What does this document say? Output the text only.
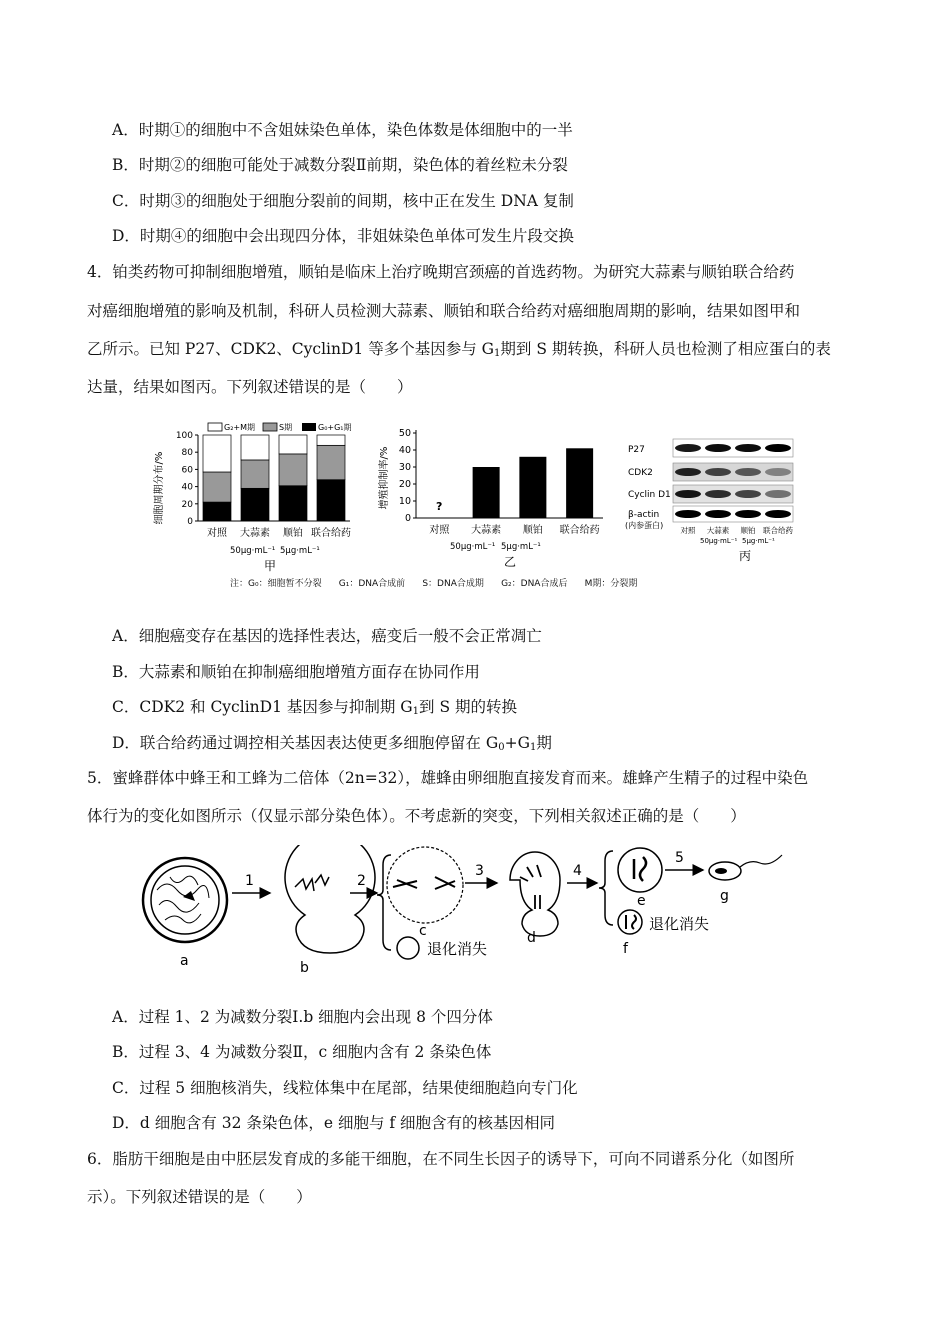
A．时期①的细胞中不含姐妹染色单体，染色体数是体细胞中的一半
B．时期②的细胞可能处于减数分裂Ⅱ前期，染色体的着丝粒未分裂
C．时期③的细胞处于细胞分裂前的间期，核中正在发生 DNA 复制
D．时期④的细胞中会出现四分体，非姐妹染色单体可发生片段交换
4．铂类药物可抑制细胞增殖，顺铂是临床上治疗晚期宫颈癌的首选药物。为研究大蒜素与顺铂联合给药
对癌细胞增殖的影响及机制，科研人员检测大蒜素、顺铂和联合给药对癌细胞周期的影响，结果如图甲和
乙所示。已知 P27、CDK2、CyclinD1 等多个基因参与 $G_1$期到 S 期转换，科研人员也检测了相应蛋白的表
达量，结果如图丙。下列叙述错误的是（　　）
G₂+M期	S期	G₀+G₁期
细胞周期分布/%
100
80
60
40
20
0
对照 大蒜素 顺铂 联合给药
50μg·mL⁻¹ 5μg·mL⁻¹
甲
增殖抑制率/%
50
40
30
20
10
0
?
对照 大蒜素 顺铂 联合给药
50μg·mL⁻¹ 5μg·mL⁻¹
乙
P27
CDK2
Cyclin D1
β-actin
(内参蛋白)
对照 大蒜素 顺铂 联合给药
50μg·mL⁻¹ 5μg·mL⁻¹
丙
注：G₀：细胞暂不分裂 G₁：DNA合成前 S：DNA合成期 G₂：DNA合成后 M期：分裂期
A．细胞癌变存在基因的选择性表达，癌变后一般不会正常凋亡
B．大蒜素和顺铂在抑制癌细胞增殖方面存在协同作用
C．CDK2 和 CyclinD1 基因参与抑制期 $G_1$到 S 期的转换
D．联合给药通过调控相关基因表达使更多细胞停留在 $G_0+G_1$期
5．蜜蜂群体中蜂王和工蜂为二倍体（2n=32），雄蜂由卵细胞直接发育而来。雄蜂产生精子的过程中染色
体行为的变化如图所示（仅显示部分染色体）。不考虑新的突变，下列相关叙述正确的是（　　）
a
1
b
2
c
退化消失
3
d
4
e
5
g
退化消失
f
A．过程 1、2 为减数分裂Ⅰ.b 细胞内会出现 8 个四分体
B．过程 3、4 为减数分裂Ⅱ，c 细胞内含有 2 条染色体
C．过程 5 细胞核消失，线粒体集中在尾部，结果使细胞趋向专门化
D．d 细胞含有 32 条染色体，e 细胞与 f 细胞含有的核基因相同
6．脂肪干细胞是由中胚层发育成的多能干细胞，在不同生长因子的诱导下，可向不同谱系分化（如图所
示）。下列叙述错误的是（　　）
